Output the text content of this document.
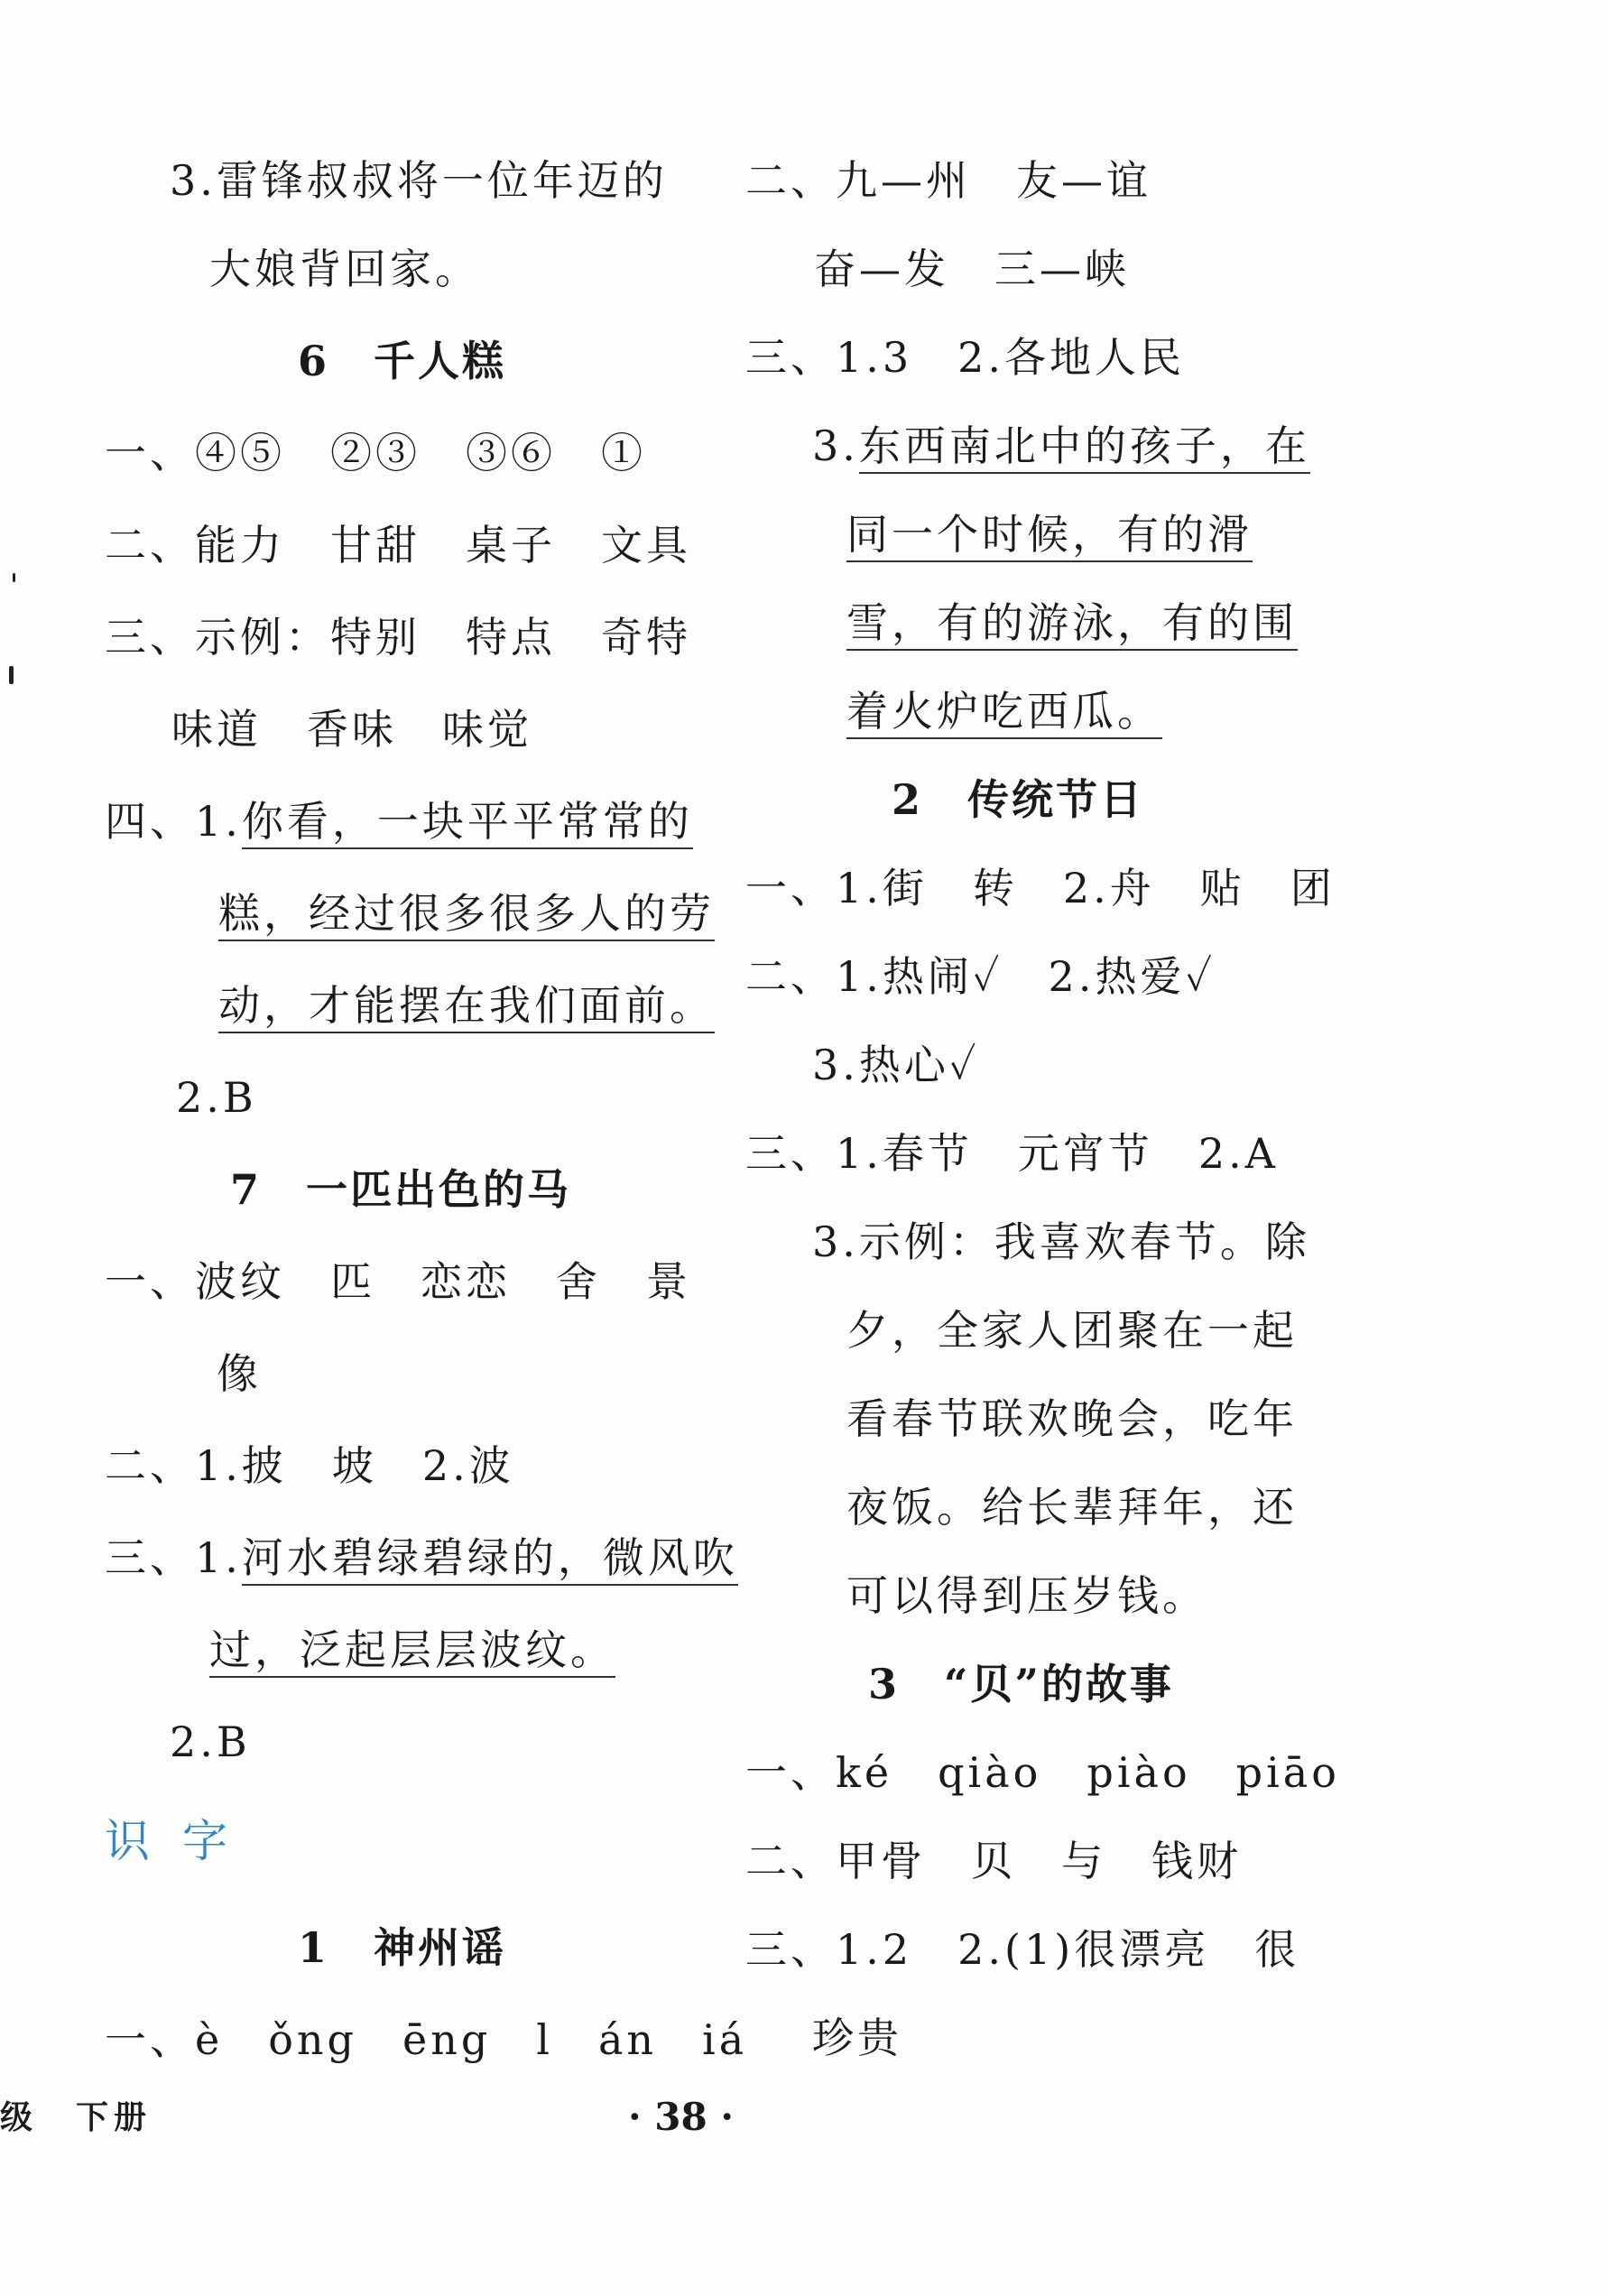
3.雷锋叔叔将一位年迈的
大娘背回家。
6　千人糕
一、④⑤　②③　③⑥　①
二、能力　甘甜　桌子　文具
三、示例：特别　特点　奇特
味道　香味　味觉
四、1.你看，一块平平常常的
糕，经过很多很多人的劳
动，才能摆在我们面前。
2.B
7　一匹出色的马
一、波纹　匹　恋恋　舍　景
像
二、1.披　坡　2.波
三、1.河水碧绿碧绿的，微风吹
过，泛起层层波纹。
2.B
识字
1　神州谣
一、è　ǒng　ēng　l　án　iá
二、九—州　友—谊
奋—发　三—峡
三、1.3　2.各地人民
3.东西南北中的孩子，在
同一个时候，有的滑
雪，有的游泳，有的围
着火炉吃西瓜。
2　传统节日
一、1.街　转　2.舟　贴　团
二、1.热闹✓　2.热爱✓
3.热心✓
三、1.春节　元宵节　2.A
3.示例：我喜欢春节。除
夕，全家人团聚在一起
看春节联欢晚会，吃年
夜饭。给长辈拜年，还
可以得到压岁钱。
3　“贝”的故事
一、ké　qiào　piào　piāo
二、甲骨　贝　与　钱财
三、1.2　2.(1)很漂亮　很
珍贵
级　下册	· 38 ·
